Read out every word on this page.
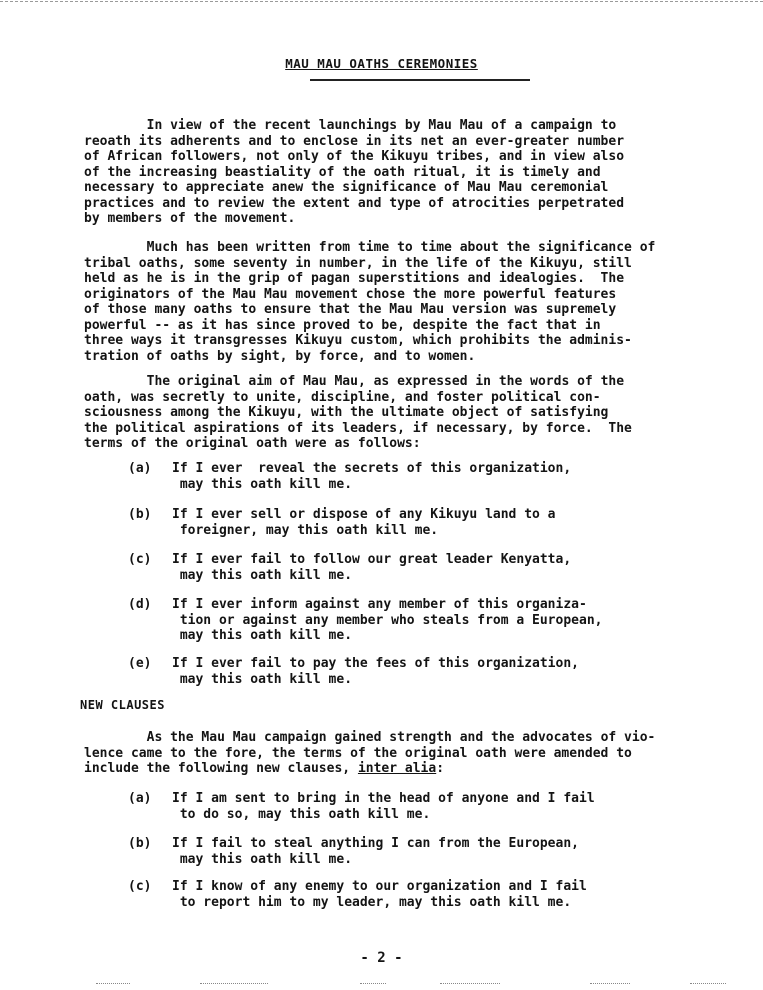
MAU MAU OATHS CEREMONIES

In view of the recent launchings by Mau Mau of a campaign to
reoath its adherents and to enclose in its net an ever-greater number
of African followers, not only of the Kikuyu tribes, and in view also
of the increasing beastiality of the oath ritual, it is timely and
necessary to appreciate anew the significance of Mau Mau ceremonial
practices and to review the extent and type of atrocities perpetrated
by members of the movement.

Much has been written from time to time about the significance of
tribal oaths, some seventy in number, in the life of the Kikuyu, still
held as he is in the grip of pagan superstitions and idealogies.  The
originators of the Mau Mau movement chose the more powerful features
of those many oaths to ensure that the Mau Mau version was supremely
powerful -- as it has since proved to be, despite the fact that in
three ways it transgresses Kikuyu custom, which prohibits the adminis-
tration of oaths by sight, by force, and to women.

The original aim of Mau Mau, as expressed in the words of the
oath, was secretly to unite, discipline, and foster political con-
sciousness among the Kikuyu, with the ultimate object of satisfying
the political aspirations of its leaders, if necessary, by force.  The
terms of the original oath were as follows:

(a)	If I ever  reveal the secrets of this organization,
may this oath kill me.
(b)	If I ever sell or dispose of any Kikuyu land to a
foreigner, may this oath kill me.
(c)	If I ever fail to follow our great leader Kenyatta,
may this oath kill me.
(d)	If I ever inform against any member of this organiza-
tion or against any member who steals from a European,
may this oath kill me.
(e)	If I ever fail to pay the fees of this organization,
may this oath kill me.
NEW CLAUSES

As the Mau Mau campaign gained strength and the advocates of vio-
lence came to the fore, the terms of the original oath were amended to
include the following new clauses, inter alia:

(a)	If I am sent to bring in the head of anyone and I fail
to do so, may this oath kill me.
(b)	If I fail to steal anything I can from the European,
may this oath kill me.
(c)	If I know of any enemy to our organization and I fail
to report him to my leader, may this oath kill me.
- 2 -
